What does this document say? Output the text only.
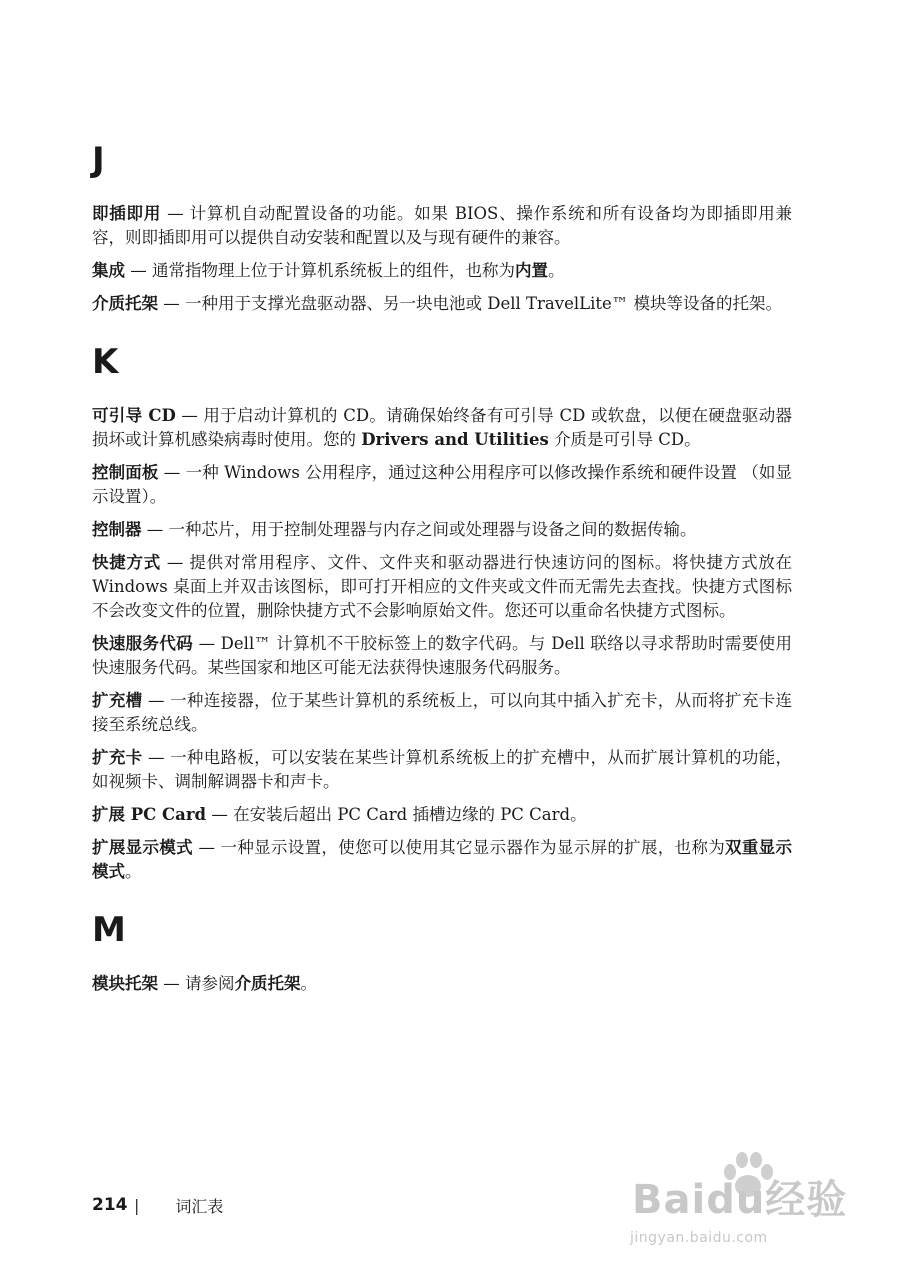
J

即插即用 — 计算机自动配置设备的功能。如果 BIOS、操作系统和所有设备均为即插即用兼容，则即插即用可以提供自动安装和配置以及与现有硬件的兼容。

集成 — 通常指物理上位于计算机系统板上的组件，也称为内置。

介质托架 — 一种用于支撑光盘驱动器、另一块电池或 Dell TravelLite™ 模块等设备的托架。

K

可引导 CD — 用于启动计算机的 CD。请确保始终备有可引导 CD 或软盘，以便在硬盘驱动器损坏或计算机感染病毒时使用。您的 Drivers and Utilities 介质是可引导 CD。

控制面板 — 一种 Windows 公用程序，通过这种公用程序可以修改操作系统和硬件设置 （如显示设置）。

控制器 — 一种芯片，用于控制处理器与内存之间或处理器与设备之间的数据传输。

快捷方式 — 提供对常用程序、文件、文件夹和驱动器进行快速访问的图标。将快捷方式放在 Windows 桌面上并双击该图标，即可打开相应的文件夹或文件而无需先去查找。快捷方式图标不会改变文件的位置，删除快捷方式不会影响原始文件。您还可以重命名快捷方式图标。

快速服务代码 — Dell™ 计算机不干胶标签上的数字代码。与 Dell 联络以寻求帮助时需要使用快速服务代码。某些国家和地区可能无法获得快速服务代码服务。

扩充槽 — 一种连接器，位于某些计算机的系统板上，可以向其中插入扩充卡，从而将扩充卡连接至系统总线。

扩充卡 — 一种电路板，可以安装在某些计算机系统板上的扩充槽中，从而扩展计算机的功能，如视频卡、调制解调器卡和声卡。

扩展 PC Card — 在安装后超出 PC Card 插槽边缘的 PC Card。

扩展显示模式 — 一种显示设置，使您可以使用其它显示器作为显示屏的扩展，也称为双重显示模式。

M

模块托架 — 请参阅介质托架。

214 | 词汇表	Baidu经验
jingyan.baidu.com
